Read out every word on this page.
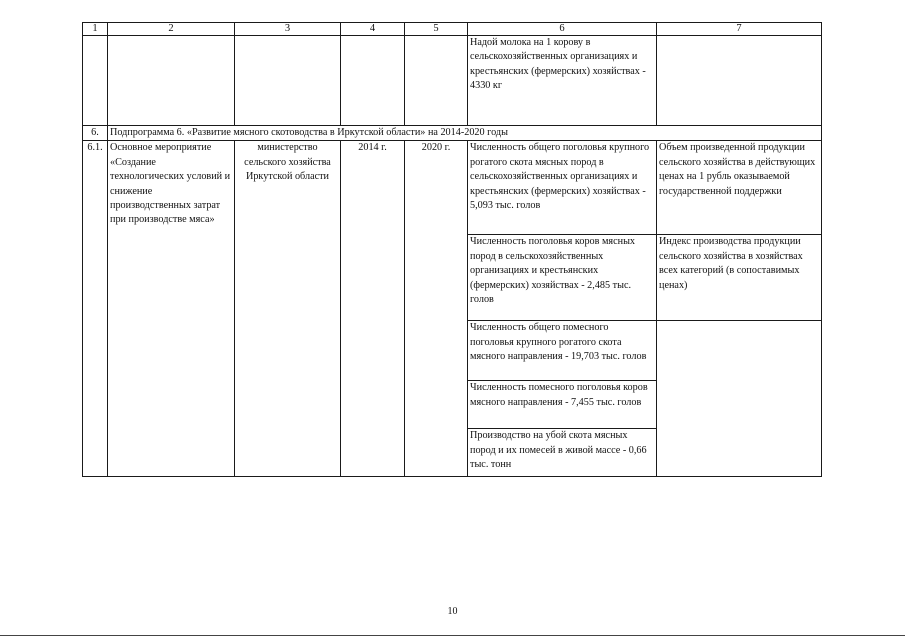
1	2	3	4	5	6	7
					Надой молока на 1 корову в сельскохозяйственных организациях и крестьянских (фермерских) хозяйствах - 4330 кг	
6.	Подпрограмма 6. «Развитие мясного скотоводства в Иркутской области» на 2014-2020 годы					
6.1.	Основное мероприятие «Создание технологических условий и снижение производственных затрат при производстве мяса»	министерство сельского хозяйства Иркутской области	2014 г.	2020 г.	Численность общего поголовья крупного рогатого скота мясных пород в сельскохозяйственных организациях и крестьянских (фермерских) хозяйствах - 5,093 тыс. голов	Объем произведенной продукции сельского хозяйства в действующих ценах на 1 рубль оказываемой государственной поддержки
					Численность поголовья коров мясных пород в сельскохозяйственных организациях и крестьянских (фермерских) хозяйствах - 2,485 тыс. голов	Индекс производства продукции сельского хозяйства в хозяйствах всех категорий (в сопоставимых ценах)
					Численность общего помесного поголовья крупного рогатого скота мясного направления - 19,703 тыс. голов	
					Численность помесного поголовья коров мясного направления - 7,455 тыс. голов	
					Производство на убой скота мясных пород и их помесей в живой массе - 0,66 тыс. тонн	
10
